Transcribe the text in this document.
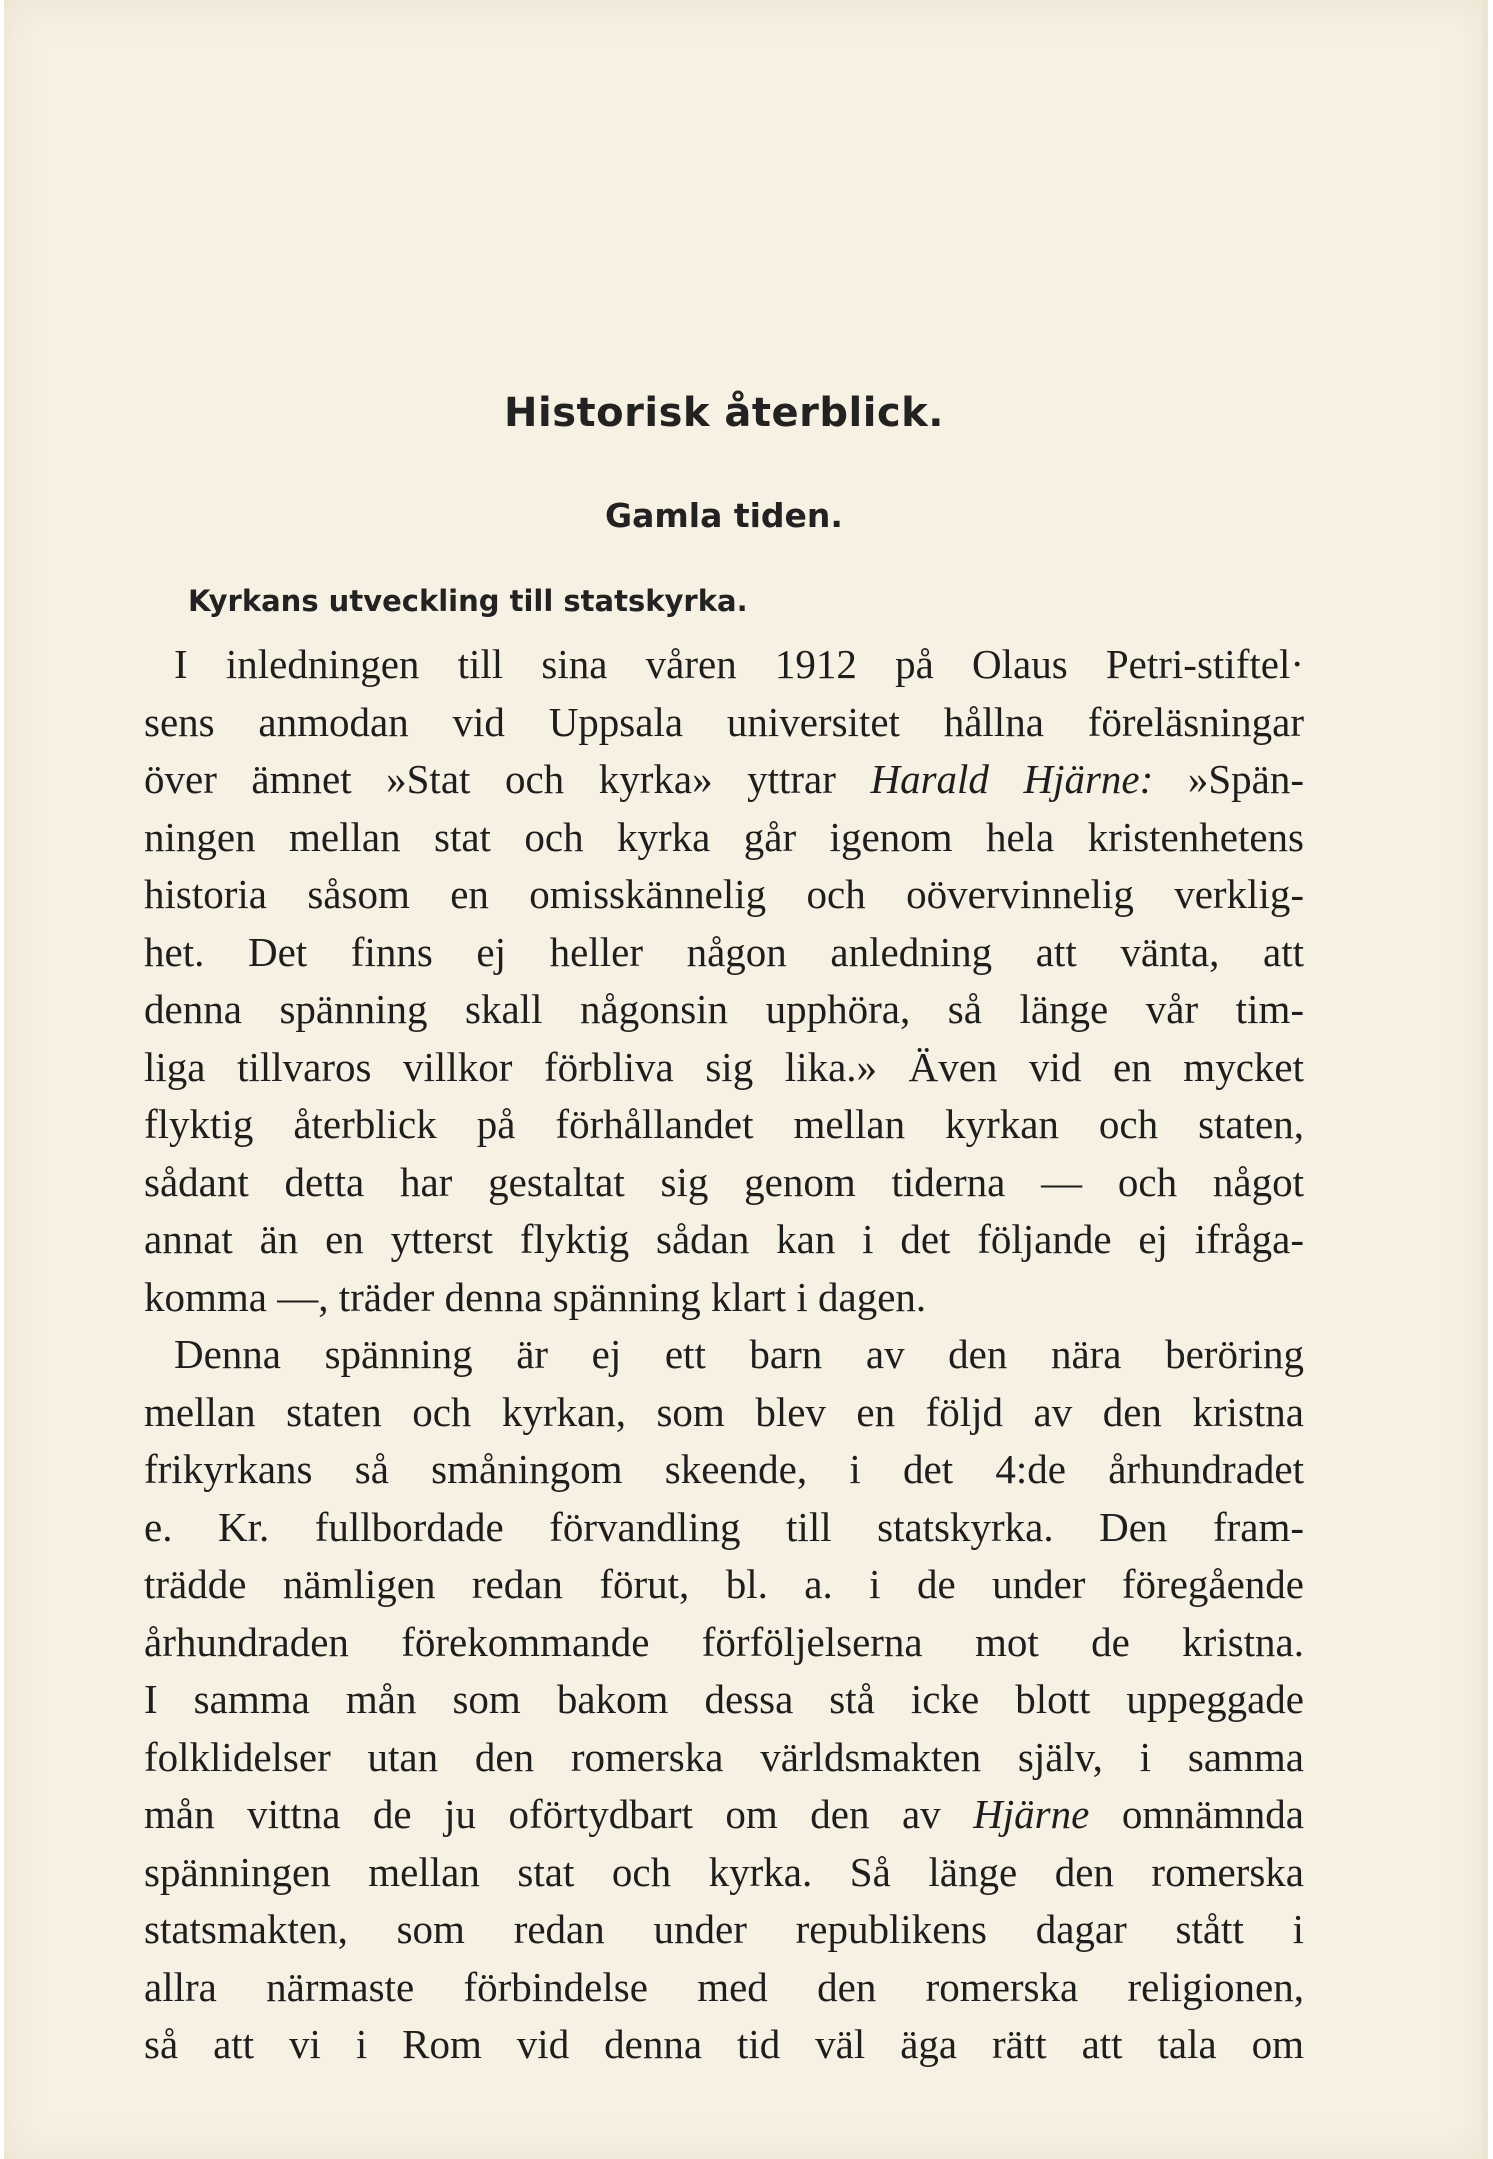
Historisk återblick.
Gamla tiden.
Kyrkans utveckling till statskyrka.
I inledningen till sina våren 1912 på Olaus Petri-stiftel·
sens anmodan vid Uppsala universitet hållna föreläsningar
över ämnet »Stat och kyrka» yttrar Harald Hjärne: »Spän-
ningen mellan stat och kyrka går igenom hela kristenhetens
historia såsom en omisskännelig och oövervinnelig verklig-
het. Det finns ej heller någon anledning att vänta, att
denna spänning skall någonsin upphöra, så länge vår tim-
liga tillvaros villkor förbliva sig lika.» Även vid en mycket
flyktig återblick på förhållandet mellan kyrkan och staten,
sådant detta har gestaltat sig genom tiderna — och något
annat än en ytterst flyktig sådan kan i det följande ej ifråga-
komma —, träder denna spänning klart i dagen.
Denna spänning är ej ett barn av den nära beröring
mellan staten och kyrkan, som blev en följd av den kristna
frikyrkans så småningom skeende, i det 4:de århundradet
e. Kr. fullbordade förvandling till statskyrka. Den fram-
trädde nämligen redan förut, bl. a. i de under föregående
århundraden förekommande förföljelserna mot de kristna.
I samma mån som bakom dessa stå icke blott uppeggade
folklidelser utan den romerska världsmakten själv, i samma
mån vittna de ju oförtydbart om den av Hjärne omnämnda
spänningen mellan stat och kyrka. Så länge den romerska
statsmakten, som redan under republikens dagar stått i
allra närmaste förbindelse med den romerska religionen,
så att vi i Rom vid denna tid väl äga rätt att tala om
